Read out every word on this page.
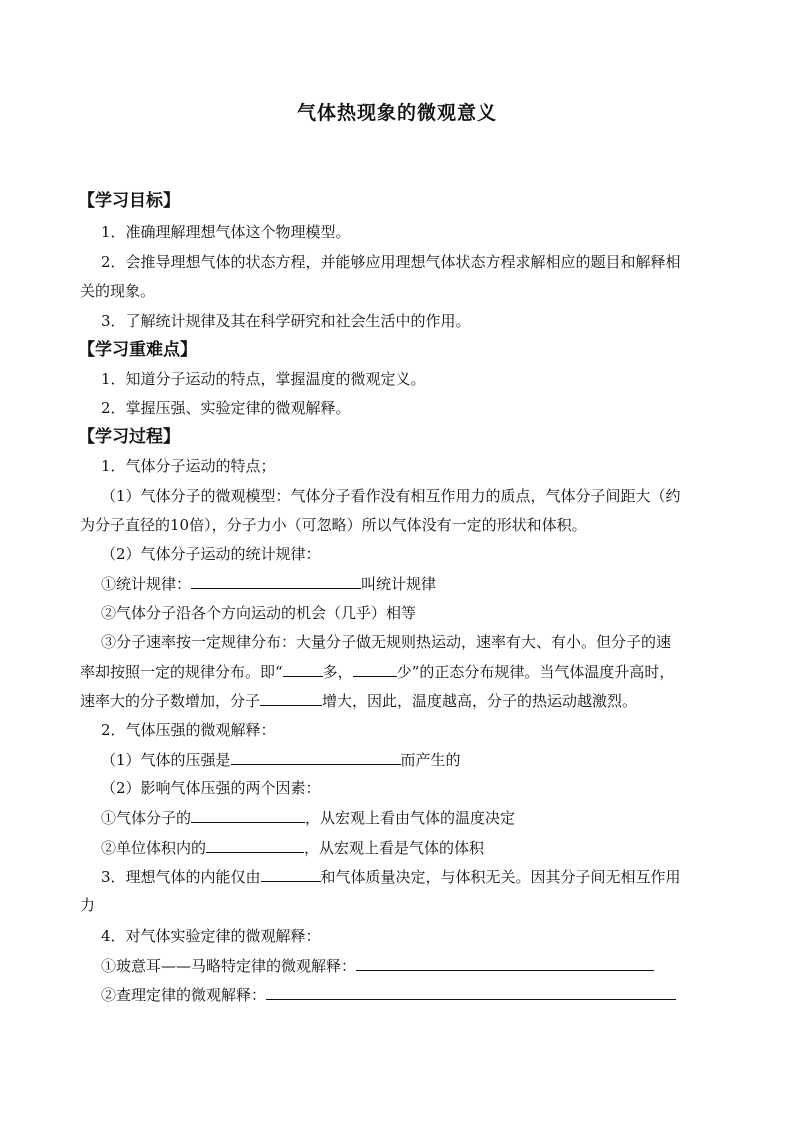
气体热现象的微观意义
【学习目标】
1．准确理解理想气体这个物理模型。
2．会推导理想气体的状态方程，并能够应用理想气体状态方程求解相应的题目和解释相
关的现象。
3．了解统计规律及其在科学研究和社会生活中的作用。
【学习重难点】
1．知道分子运动的特点，掌握温度的微观定义。
2．掌握压强、实验定律的微观解释。
【学习过程】
1．气体分子运动的特点；
（1）气体分子的微观模型：气体分子看作没有相互作用力的质点，气体分子间距大（约
为分子直径的10倍），分子力小（可忽略）所以气体没有一定的形状和体积。
（2）气体分子运动的统计规律：
①统计规律：	叫统计规律
②气体分子沿各个方向运动的机会（几乎）相等
③分子速率按一定规律分布：大量分子做无规则热运动，速率有大、有小。但分子的速
率却按照一定的规律分布。即“	多，	少”的正态分布规律。当气体温度升高时，
速率大的分子数增加，分子	增大，因此，温度越高，分子的热运动越激烈。
2．气体压强的微观解释：
（1）气体的压强是	而产生的
（2）影响气体压强的两个因素：
①气体分子的	，从宏观上看由气体的温度决定
②单位体积内的	，从宏观上看是气体的体积
3．理想气体的内能仅由	和气体质量决定，与体积无关。因其分子间无相互作用
力
4．对气体实验定律的微观解释：
①玻意耳——马略特定律的微观解释：
②查理定律的微观解释：
